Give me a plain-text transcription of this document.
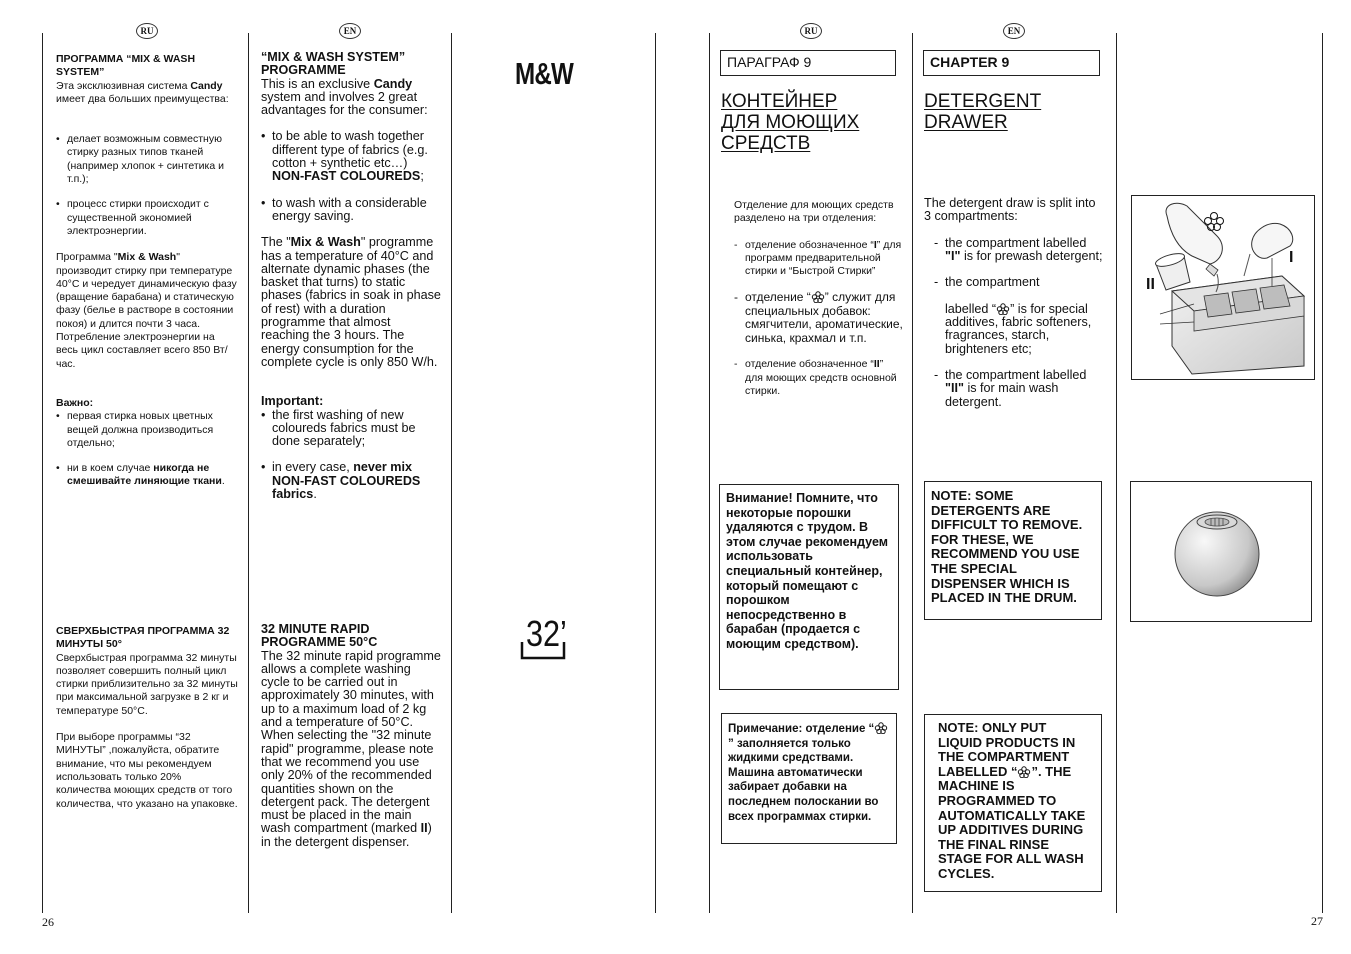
RU	EN	RU	EN

ПРОГРАММА “MIX & WASH SYSTEM”

Эта эксклюзивная система Candy имеет два больших преимущества:

• делает возможным совместную стирку разных типов тканей (например хлопок + синтетика и т.п.);
• процесс стирки происходит с существенной экономией электроэнергии.

Программа "Mix & Wash" производит стирку при температуре 40°C и чередует динамическую фазу (вращение барабана) и статическую фазу (белье в растворе в состоянии покоя) и длится почти 3 часа. Потребление электроэнергии на весь цикл составляет всего 850 Вт/час.

Важно:

• первая стирка новых цветных вещей должна производиться отдельно;
• ни в коем случае никогда не смешивайте линяющие ткани.

СВЕРХБЫСТРАЯ ПРОГРАММА 32 МИНУТЫ 50°

Сверхбыстрая программа 32 минуты позволяет совершить полный цикл стирки приблизительно за 32 минуты при максимальной загрузке в 2 кг и температуре 50°C.

При выборе программы “32 МИНУТЫ” ,пожалуйста, обратите внимание, что мы рекомендуем использовать только 20% количества моющих средств от того количества, что указано на упаковке.

“MIX & WASH SYSTEM” PROGRAMME

This is an exclusive Candy system and involves 2 great advantages for the consumer:

• to be able to wash together different type of fabrics (e.g. cotton + synthetic etc…) NON-FAST COLOUREDS;
• to wash with a considerable energy saving.

The "Mix & Wash" programme has a temperature of 40°C and alternate dynamic phases (the basket that turns) to static phases (fabrics in soak in phase of rest) with a duration programme that almost reaching the 3 hours. The energy consumption for the complete cycle is only 850 W/h.

Important:

• the first washing of new coloureds fabrics must be done separately;
• in every case, never mix NON-FAST COLOUREDS fabrics.

32 MINUTE RAPID PROGRAMME 50°C

The 32 minute rapid programme allows a complete washing cycle to be carried out in approximately 30 minutes, with up to a maximum load of 2 kg and a temperature of 50°C.

When selecting the "32 minute rapid" programme, please note that we recommend you use only 20% of the recommended quantities shown on the detergent pack. The detergent must be placed in the main wash compartment (marked II) in the detergent dispenser.

M&W
32’
26
ПАРАГРАФ 9
КОНТЕЙНЕР ДЛЯ МОЮЩИХ СРЕДСТВ

Отделение для моющих средств разделено на три отделения:

- отделение обозначенное “I” для программ предварительной стирки и “Быстрой Стирки”
- отделение “ ” служит для специальных добавок: смягчители, ароматические, синька, крахмал и т.п.
- отделение обозначенное “II” для моющих средств основной стирки.
Внимание! Помните, что некоторые порошки удаляются с трудом. В этом случае рекомендуем использовать специальный контейнер, который помещают с порошком непосредственно в барабан (продается с моющим средством).
Примечание: отделение “” заполняется только жидкими средствами. Машина автоматически забирает добавки на последнем полоскании во всех программах стирки.
CHAPTER 9
DETERGENT DRAWER

The detergent draw is split into 3 compartments:

- the compartment labelled "I" is for prewash detergent;
- the compartment

labelled “ ” is for special additives, fabric softeners, fragrances, starch, brighteners etc;
- the compartment labelled "II" is for main wash detergent.
NOTE: SOME DETERGENTS ARE DIFFICULT TO REMOVE. FOR THESE, WE RECOMMEND YOU USE THE SPECIAL DISPENSER WHICH IS PLACED IN THE DRUM.
NOTE: ONLY PUT LIQUID PRODUCTS IN THE COMPARTMENT LABELLED “ ”. THE MACHINE IS PROGRAMMED TO AUTOMATICALLY TAKE UP ADDITIVES DURING THE FINAL RINSE STAGE FOR ALL WASH CYCLES.
II
I
27
